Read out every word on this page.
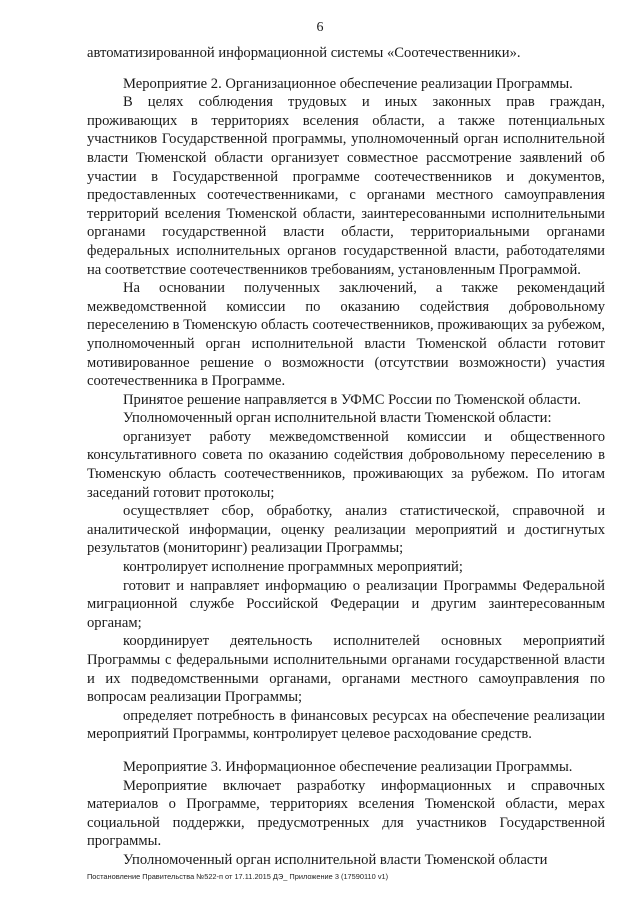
6

автоматизированной информационной системы «Соотечественники».

Мероприятие 2. Организационное обеспечение реализации Программы.

В целях соблюдения трудовых и иных законных прав граждан, проживающих в территориях вселения области, а также потенциальных участников Государственной программы, уполномоченный орган исполнительной власти Тюменской области организует совместное рассмотрение заявлений об участии в Государственной программе соотечественников и документов, предоставленных соотечественниками, с органами местного самоуправления территорий вселения Тюменской области, заинтересованными исполнительными органами государственной власти области, территориальными органами федеральных исполнительных органов государственной власти, работодателями на соответствие соотечественников требованиям, установленным Программой.

На основании полученных заключений, а также рекомендаций межведомственной комиссии по оказанию содействия добровольному переселению в Тюменскую область соотечественников, проживающих за рубежом, уполномоченный орган исполнительной власти Тюменской области готовит мотивированное решение о возможности (отсутствии возможности) участия соотечественника в Программе.

Принятое решение направляется в УФМС России по Тюменской области.

Уполномоченный орган исполнительной власти Тюменской области:

организует работу межведомственной комиссии и общественного консультативного совета по оказанию содействия добровольному переселению в Тюменскую область соотечественников, проживающих за рубежом. По итогам заседаний готовит протоколы;

осуществляет сбор, обработку, анализ статистической, справочной и аналитической информации, оценку реализации мероприятий и достигнутых результатов (мониторинг) реализации Программы;

контролирует исполнение программных мероприятий;

готовит и направляет информацию о реализации Программы Федеральной миграционной службе Российской Федерации и другим заинтересованным органам;

координирует деятельность исполнителей основных мероприятий Программы с федеральными исполнительными органами государственной власти и их подведомственными органами, органами местного самоуправления по вопросам реализации Программы;

определяет потребность в финансовых ресурсах на обеспечение реализации мероприятий Программы, контролирует целевое расходование средств.

Мероприятие 3. Информационное обеспечение реализации Программы.

Мероприятие включает разработку информационных и справочных материалов о Программе, территориях вселения Тюменской области, мерах социальной поддержки, предусмотренных для участников Государственной программы.

Уполномоченный орган исполнительной власти Тюменской области

Постановление Правительства №522-п от 17.11.2015 ДЭ_ Приложение 3 (17590110 v1)
